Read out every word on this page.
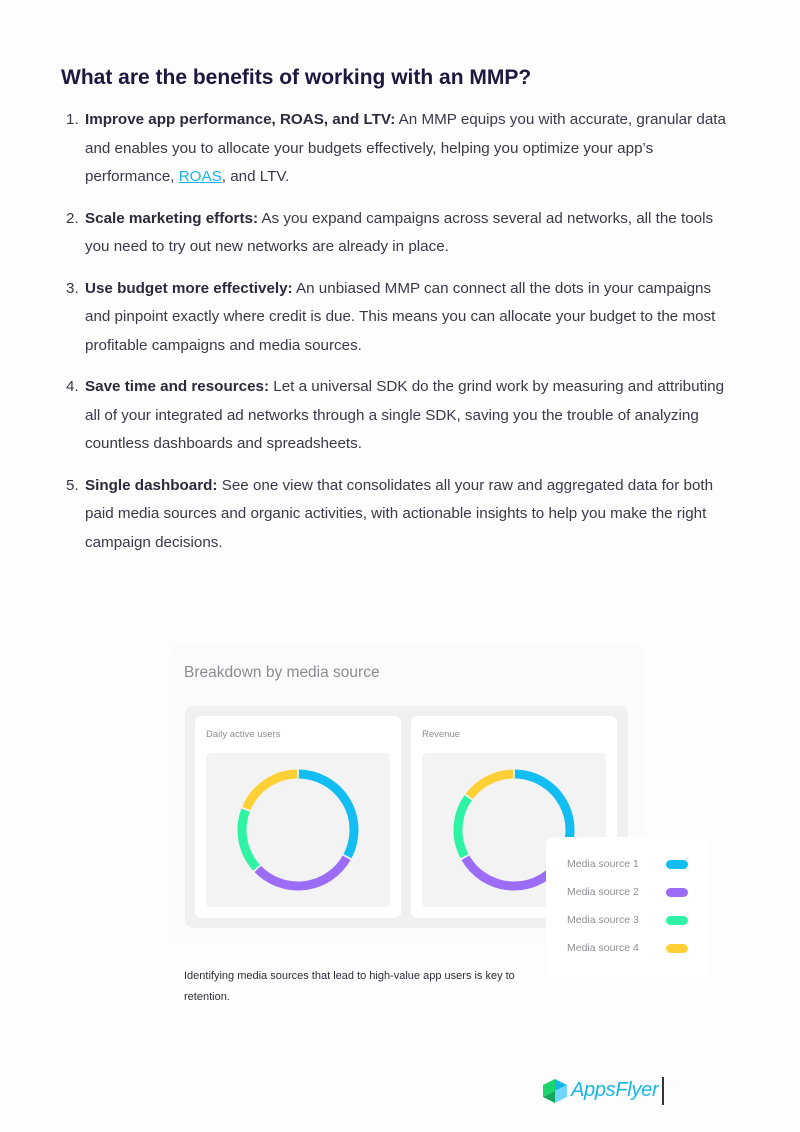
What are the benefits of working with an MMP?
1. Improve app performance, ROAS, and LTV: An MMP equips you with accurate, granular data and enables you to allocate your budgets effectively, helping you optimize your app’s performance, ROAS, and LTV.
2. Scale marketing efforts: As you expand campaigns across several ad networks, all the tools you need to try out new networks are already in place.
3. Use budget more effectively: An unbiased MMP can connect all the dots in your campaigns and pinpoint exactly where credit is due. This means you can allocate your budget to the most profitable campaigns and media sources.
4. Save time and resources: Let a universal SDK do the grind work by measuring and attributing all of your integrated ad networks through a single SDK, saving you the trouble of analyzing countless dashboards and spreadsheets.
5. Single dashboard: See one view that consolidates all your raw and aggregated data for both paid media sources and organic activities, with actionable insights to help you make the right campaign decisions.
Breakdown by media source
Daily active users	Revenue
Media source 1
Media source 2
Media source 3
Media source 4
Identifying media sources that lead to high-value app users is key to retention.
AppsFlyer
